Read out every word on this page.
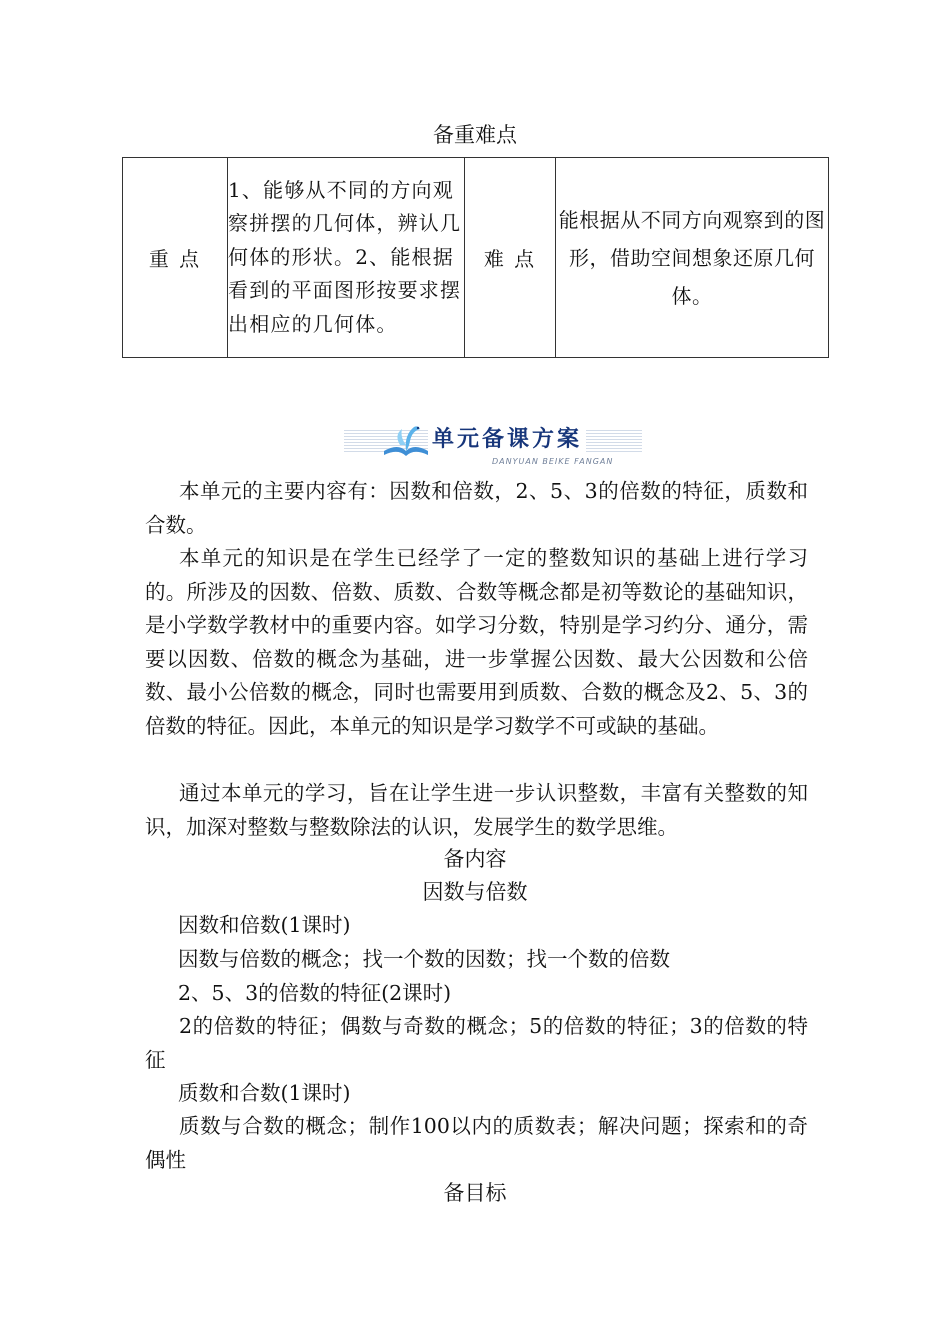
备重难点
重 点	1、能够从不同的方向观察拼摆的几何体，辨认几何体的形状。2、能根据看到的平面图形按要求摆出相应的几何体。	难 点	能根据从不同方向观察到的图形，借助空间想象还原几何体。
单元备课方案
DANYUAN BEIKE FANGAN
本单元的主要内容有：因数和倍数，2、5、3的倍数的特征，质数和合数。
本单元的知识是在学生已经学了一定的整数知识的基础上进行学习的。所涉及的因数、倍数、质数、合数等概念都是初等数论的基础知识，是小学数学教材中的重要内容。如学习分数，特别是学习约分、通分，需要以因数、倍数的概念为基础，进一步掌握公因数、最大公因数和公倍数、最小公倍数的概念，同时也需要用到质数、合数的概念及2、5、3的倍数的特征。因此，本单元的知识是学习数学不可或缺的基础。
通过本单元的学习，旨在让学生进一步认识整数，丰富有关整数的知识，加深对整数与整数除法的认识，发展学生的数学思维。
备内容
因数与倍数
因数和倍数(1课时)
因数与倍数的概念；找一个数的因数；找一个数的倍数
2、5、3的倍数的特征(2课时)
2的倍数的特征；偶数与奇数的概念；5的倍数的特征；3的倍数的特征
质数和合数(1课时)
质数与合数的概念；制作100以内的质数表；解决问题；探索和的奇偶性
备目标
